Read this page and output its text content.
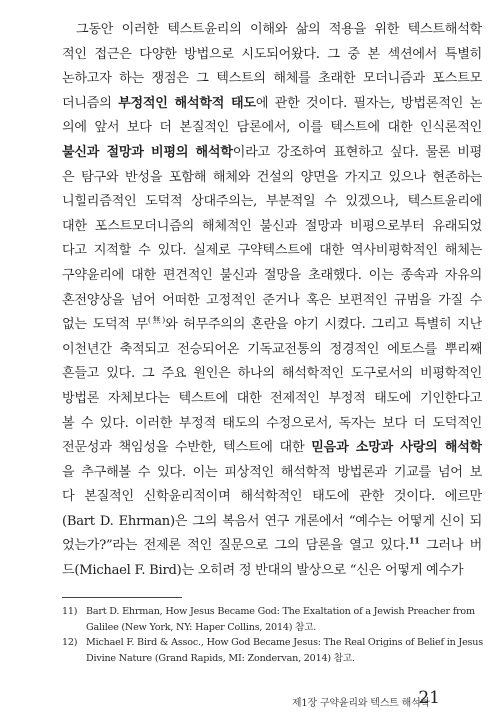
그동안 이러한 텍스트윤리의 이해와 삶의 적용을 위한 텍스트해석학
적인 접근은 다양한 방법으로 시도되어왔다. 그 중 본 섹션에서 특별히
논하고자 하는 쟁점은 그 텍스트의 해체를 초래한 모더니즘과 포스트모
더니즘의 부정적인 해석학적 태도에 관한 것이다. 필자는, 방법론적인 논
의에 앞서 보다 더 본질적인 담론에서, 이를 텍스트에 대한 인식론적인
불신과 절망과 비평의 해석학이라고 강조하여 표현하고 싶다. 물론 비평
은 탐구와 반성을 포함해 해체와 건설의 양면을 가지고 있으나 현존하는
니힐리즘적인 도덕적 상대주의는, 부분적일 수 있겠으나, 텍스트윤리에
대한 포스트모더니즘의 해체적인 불신과 절망과 비평으로부터 유래되었
다고 지적할 수 있다. 실제로 구약텍스트에 대한 역사비평학적인 해체는
구약윤리에 대한 편견적인 불신과 절망을 초래했다. 이는 종속과 자유의
혼전양상을 넘어 어떠한 고정적인 준거나 혹은 보편적인 규범을 가질 수
없는 도덕적 무$^{(無)}$와 허무주의의 혼란을 야기 시켰다. 그리고 특별히 지난
이천년간 축적되고 전승되어온 기독교전통의 정경적인 에토스를 뿌리째
흔들고 있다. 그 주요 원인은 하나의 해석학적인 도구로서의 비평학적인
방법론 자체보다는 텍스트에 대한 전제적인 부정적 태도에 기인한다고
볼 수 있다. 이러한 부정적 태도의 수정으로서, 독자는 보다 더 도덕적인
전문성과 책임성을 수반한, 텍스트에 대한 믿음과 소망과 사랑의 해석학
을 추구해볼 수 있다. 이는 피상적인 해석학적 방법론과 기교를 넘어 보
다 본질적인 신학윤리적이며 해석학적인 태도에 관한 것이다. 에르만
(Bart D. Ehrman)은 그의 복음서 연구 개론에서 “예수는 어떻게 신이 되
었는가?”라는 전제론 적인 질문으로 그의 담론을 열고 있다.$^{11}$ 그러나 버
드(Michael F. Bird)는 오히려 정 반대의 발상으로 “신은 어떻게 예수가
11) Bart D. Ehrman, How Jesus Became God: The Exaltation of a Jewish Preacher from
Galilee (New York, NY: Haper Collins, 2014) 참고.
12) Michael F. Bird & Assoc., How God Became Jesus: The Real Origins of Belief in Jesus
Divine Nature (Grand Rapids, MI: Zondervan, 2014) 참고.
제1장 구약윤리와 텍스트 해석학
21
